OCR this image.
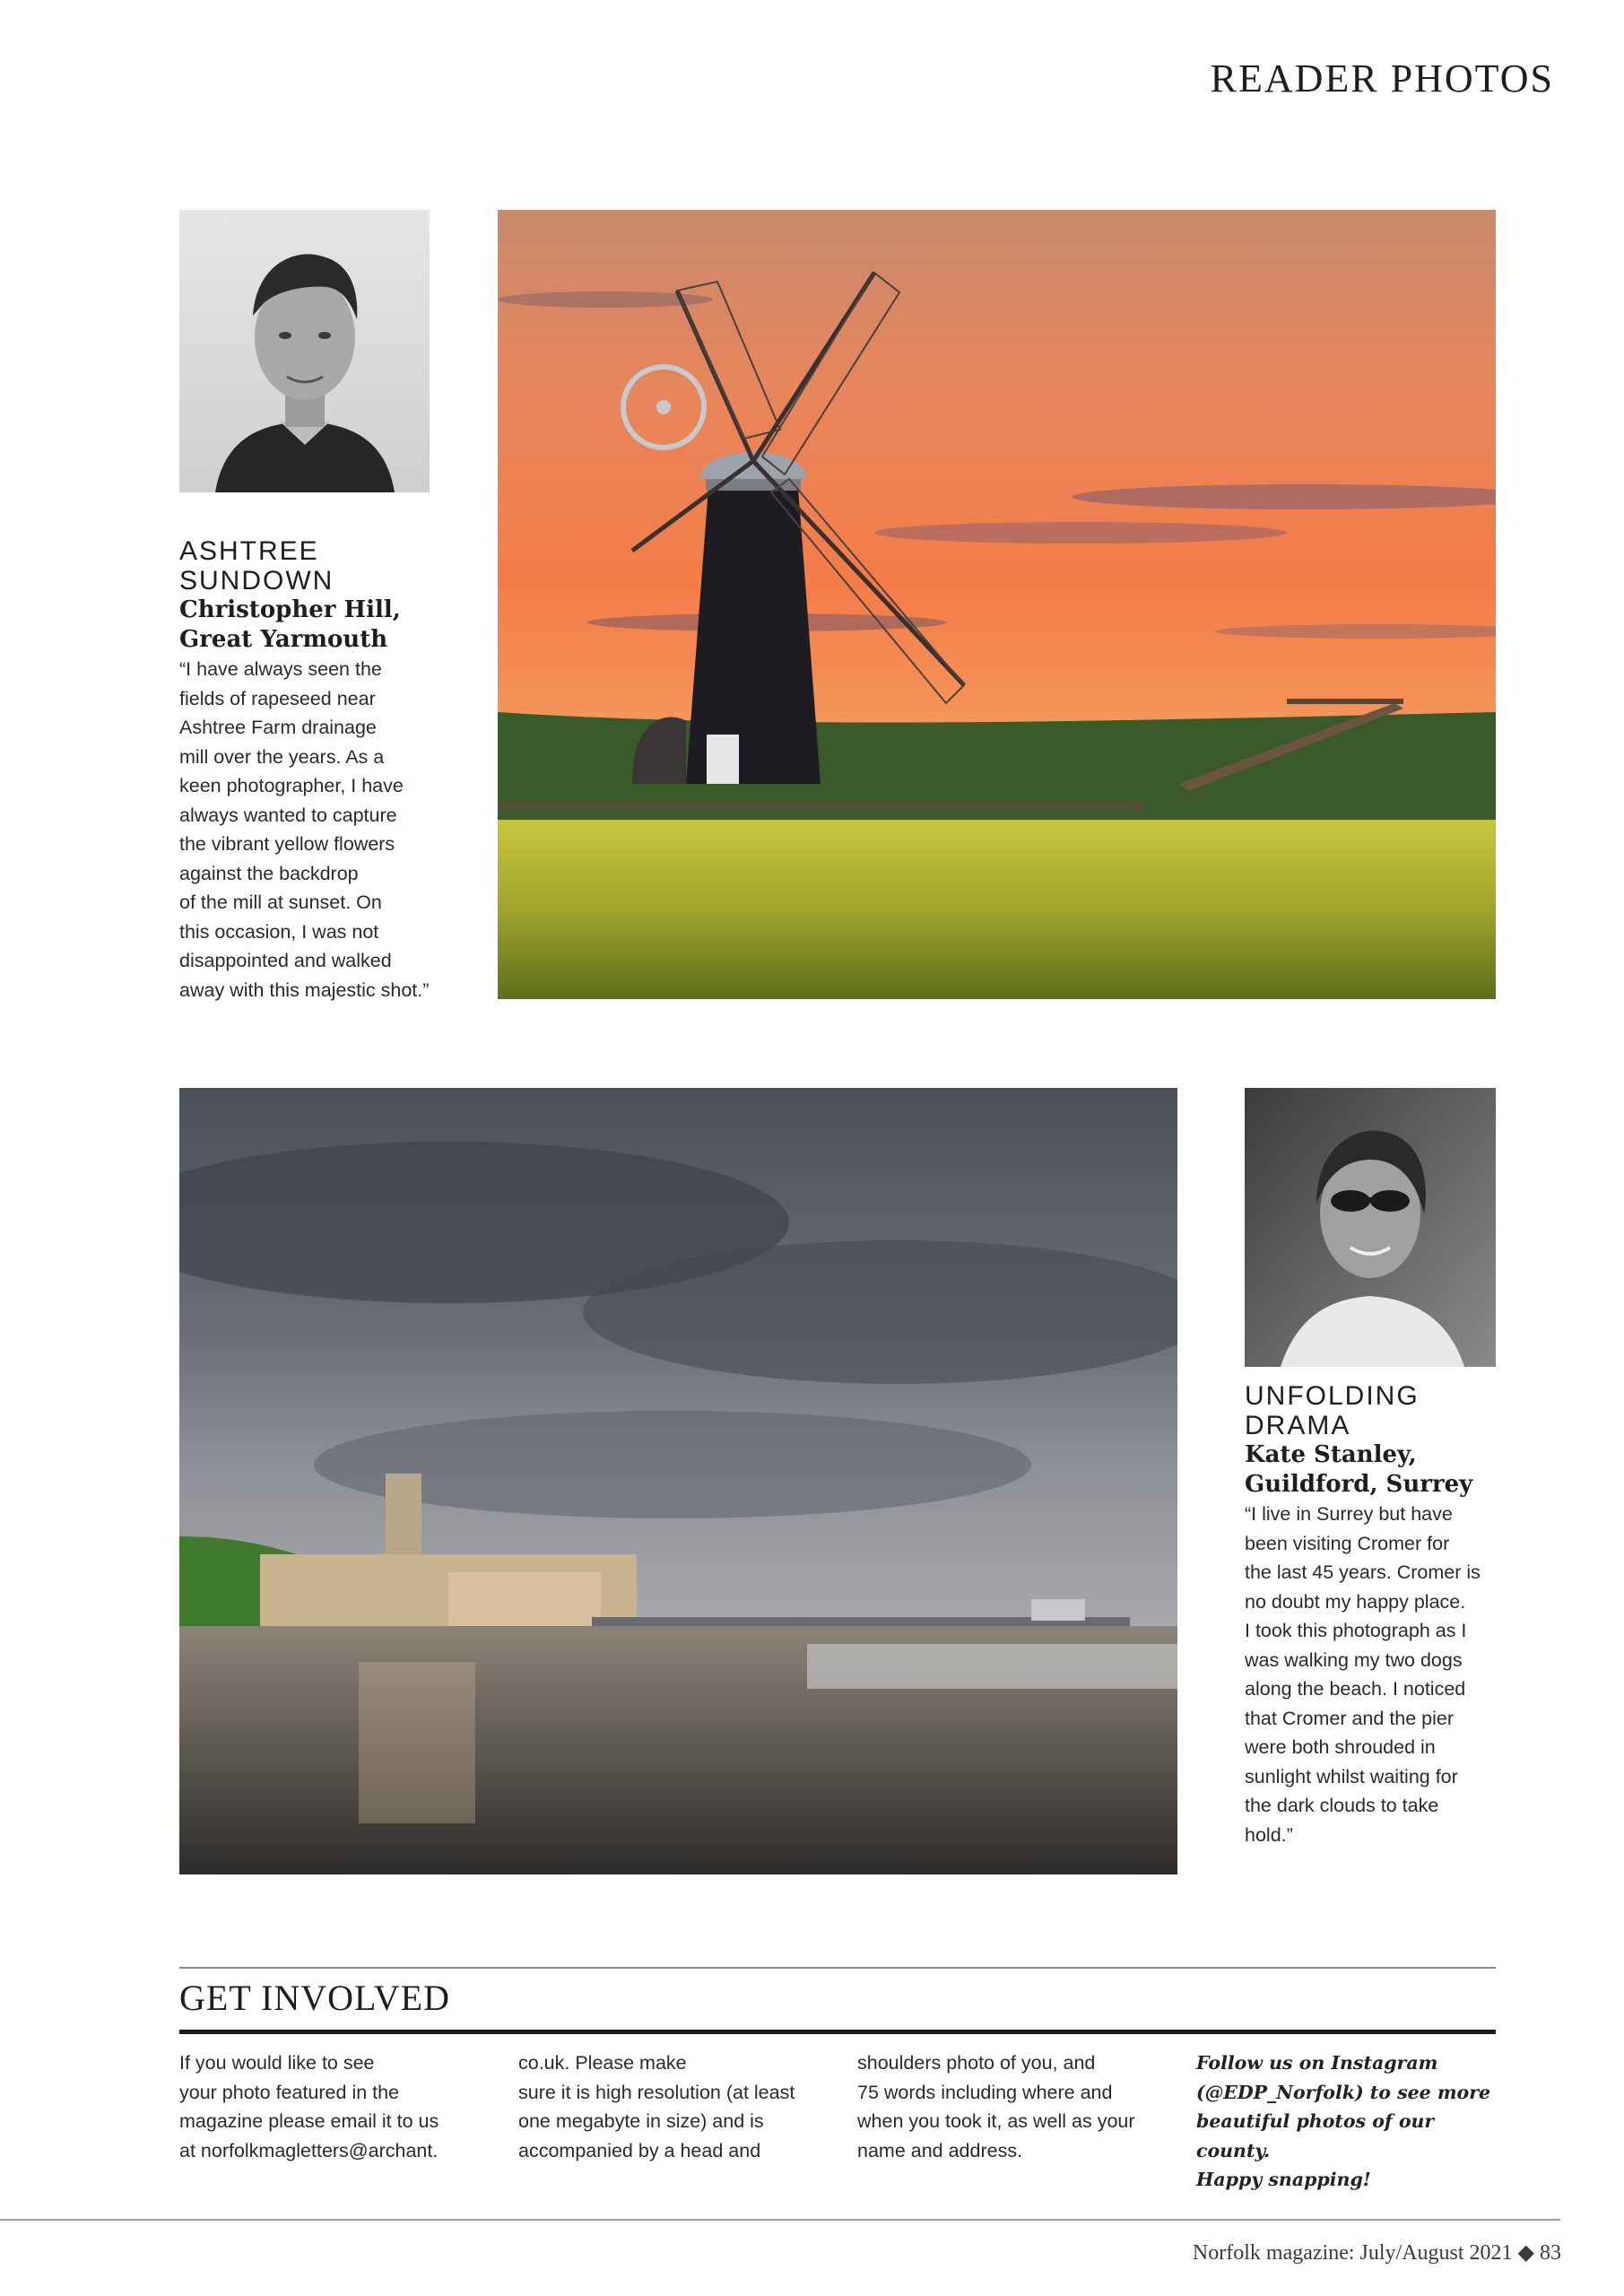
READER PHOTOS
ASHTREE
SUNDOWN
Christopher Hill,
Great Yarmouth
“I have always seen the
fields of rapeseed near
Ashtree Farm drainage
mill over the years. As a
keen photographer, I have
always wanted to capture
the vibrant yellow flowers
against the backdrop
of the mill at sunset. On
this occasion, I was not
disappointed and walked
away with this majestic shot.”
UNFOLDING
DRAMA
Kate Stanley,
Guildford, Surrey
“I live in Surrey but have
been visiting Cromer for
the last 45 years. Cromer is
no doubt my happy place.
I took this photograph as I
was walking my two dogs
along the beach. I noticed
that Cromer and the pier
were both shrouded in
sunlight whilst waiting for
the dark clouds to take
hold.”
GET INVOLVED
If you would like to see
your photo featured in the
magazine please email it to us
at norfolkmagletters@archant.
co.uk. Please make
sure it is high resolution (at least
one megabyte in size) and is
accompanied by a head and
shoulders photo of you, and
75 words including where and
when you took it, as well as your
name and address.
Follow us on Instagram
(@EDP_Norfolk) to see more
beautiful photos of our county.
Happy snapping!
Norfolk magazine: July/August 2021 ◆ 83
